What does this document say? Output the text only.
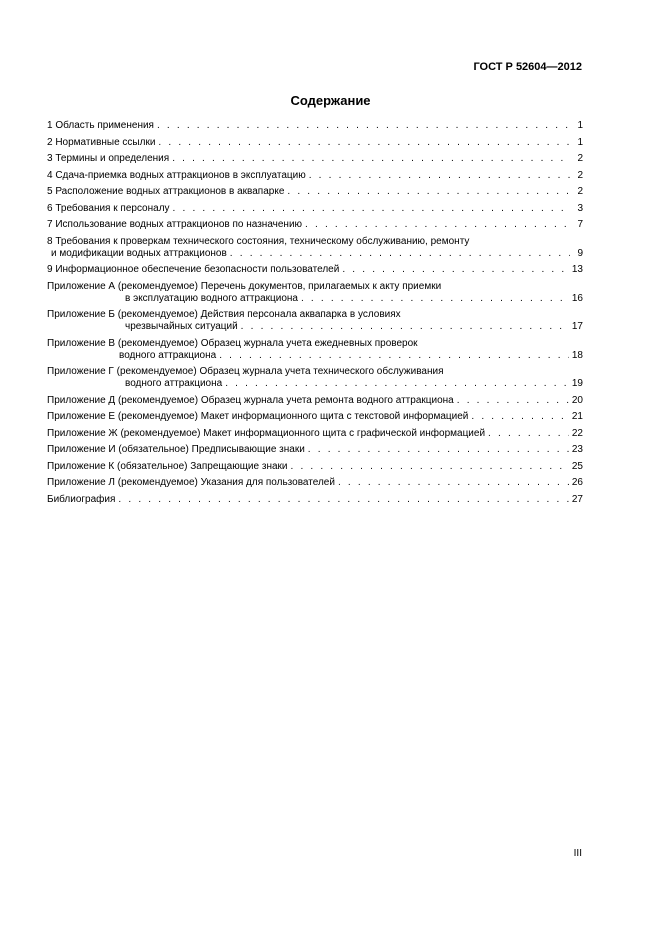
ГОСТ Р 52604—2012
Содержание
1 Область применения . . .	1
2 Нормативные ссылки . . .	1
3 Термины и определения . . .	2
4 Сдача-приемка водных аттракционов в эксплуатацию . . .	2
5 Расположение водных аттракционов в аквапарке . . .	2
6 Требования к персоналу . . .	3
7 Использование водных аттракционов по назначению . . .	7
8 Требования к проверкам технического состояния, техническому обслуживанию, ремонту
и модификации водных аттракционов . . .	9
9 Информационное обеспечение безопасности пользователей . . .	13
Приложение А (рекомендуемое) Перечень документов, прилагаемых к акту приемки
в эксплуатацию водного аттракциона . . .	16
Приложение Б (рекомендуемое) Действия персонала аквапарка в условиях
чрезвычайных ситуаций . . .	17
Приложение В (рекомендуемое) Образец журнала учета ежедневных проверок
водного аттракциона . . .	18
Приложение Г (рекомендуемое) Образец журнала учета технического обслуживания
водного аттракциона . . .	19
Приложение Д (рекомендуемое) Образец журнала учета ремонта водного аттракциона . . .	20
Приложение Е (рекомендуемое) Макет информационного щита с текстовой информацией . . .	21
Приложение Ж (рекомендуемое) Макет информационного щита с графической информацией . . .	22
Приложение И (обязательное) Предписывающие знаки . . .	23
Приложение К (обязательное) Запрещающие знаки . . .	25
Приложение Л (рекомендуемое) Указания для пользователей . . .	26
Библиография . . .	27
III
